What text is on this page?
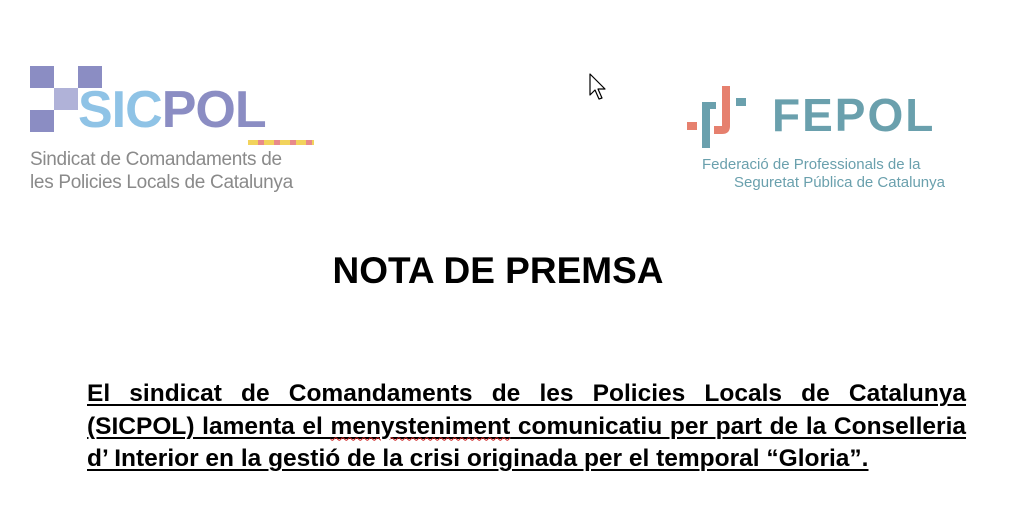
SICPOL
Sindicat de Comandaments de
les Policies Locals de Catalunya
FEPOL
Federació de Professionals de la
Seguretat Pública de Catalunya
NOTA DE PREMSA

El sindicat de Comandaments de les Policies Locals de Catalunya (SICPOL) lamenta el menysteniment comunicatiu per part de la Conselleria d’ Interior en la gestió de la crisi originada per el temporal “Gloria”.
